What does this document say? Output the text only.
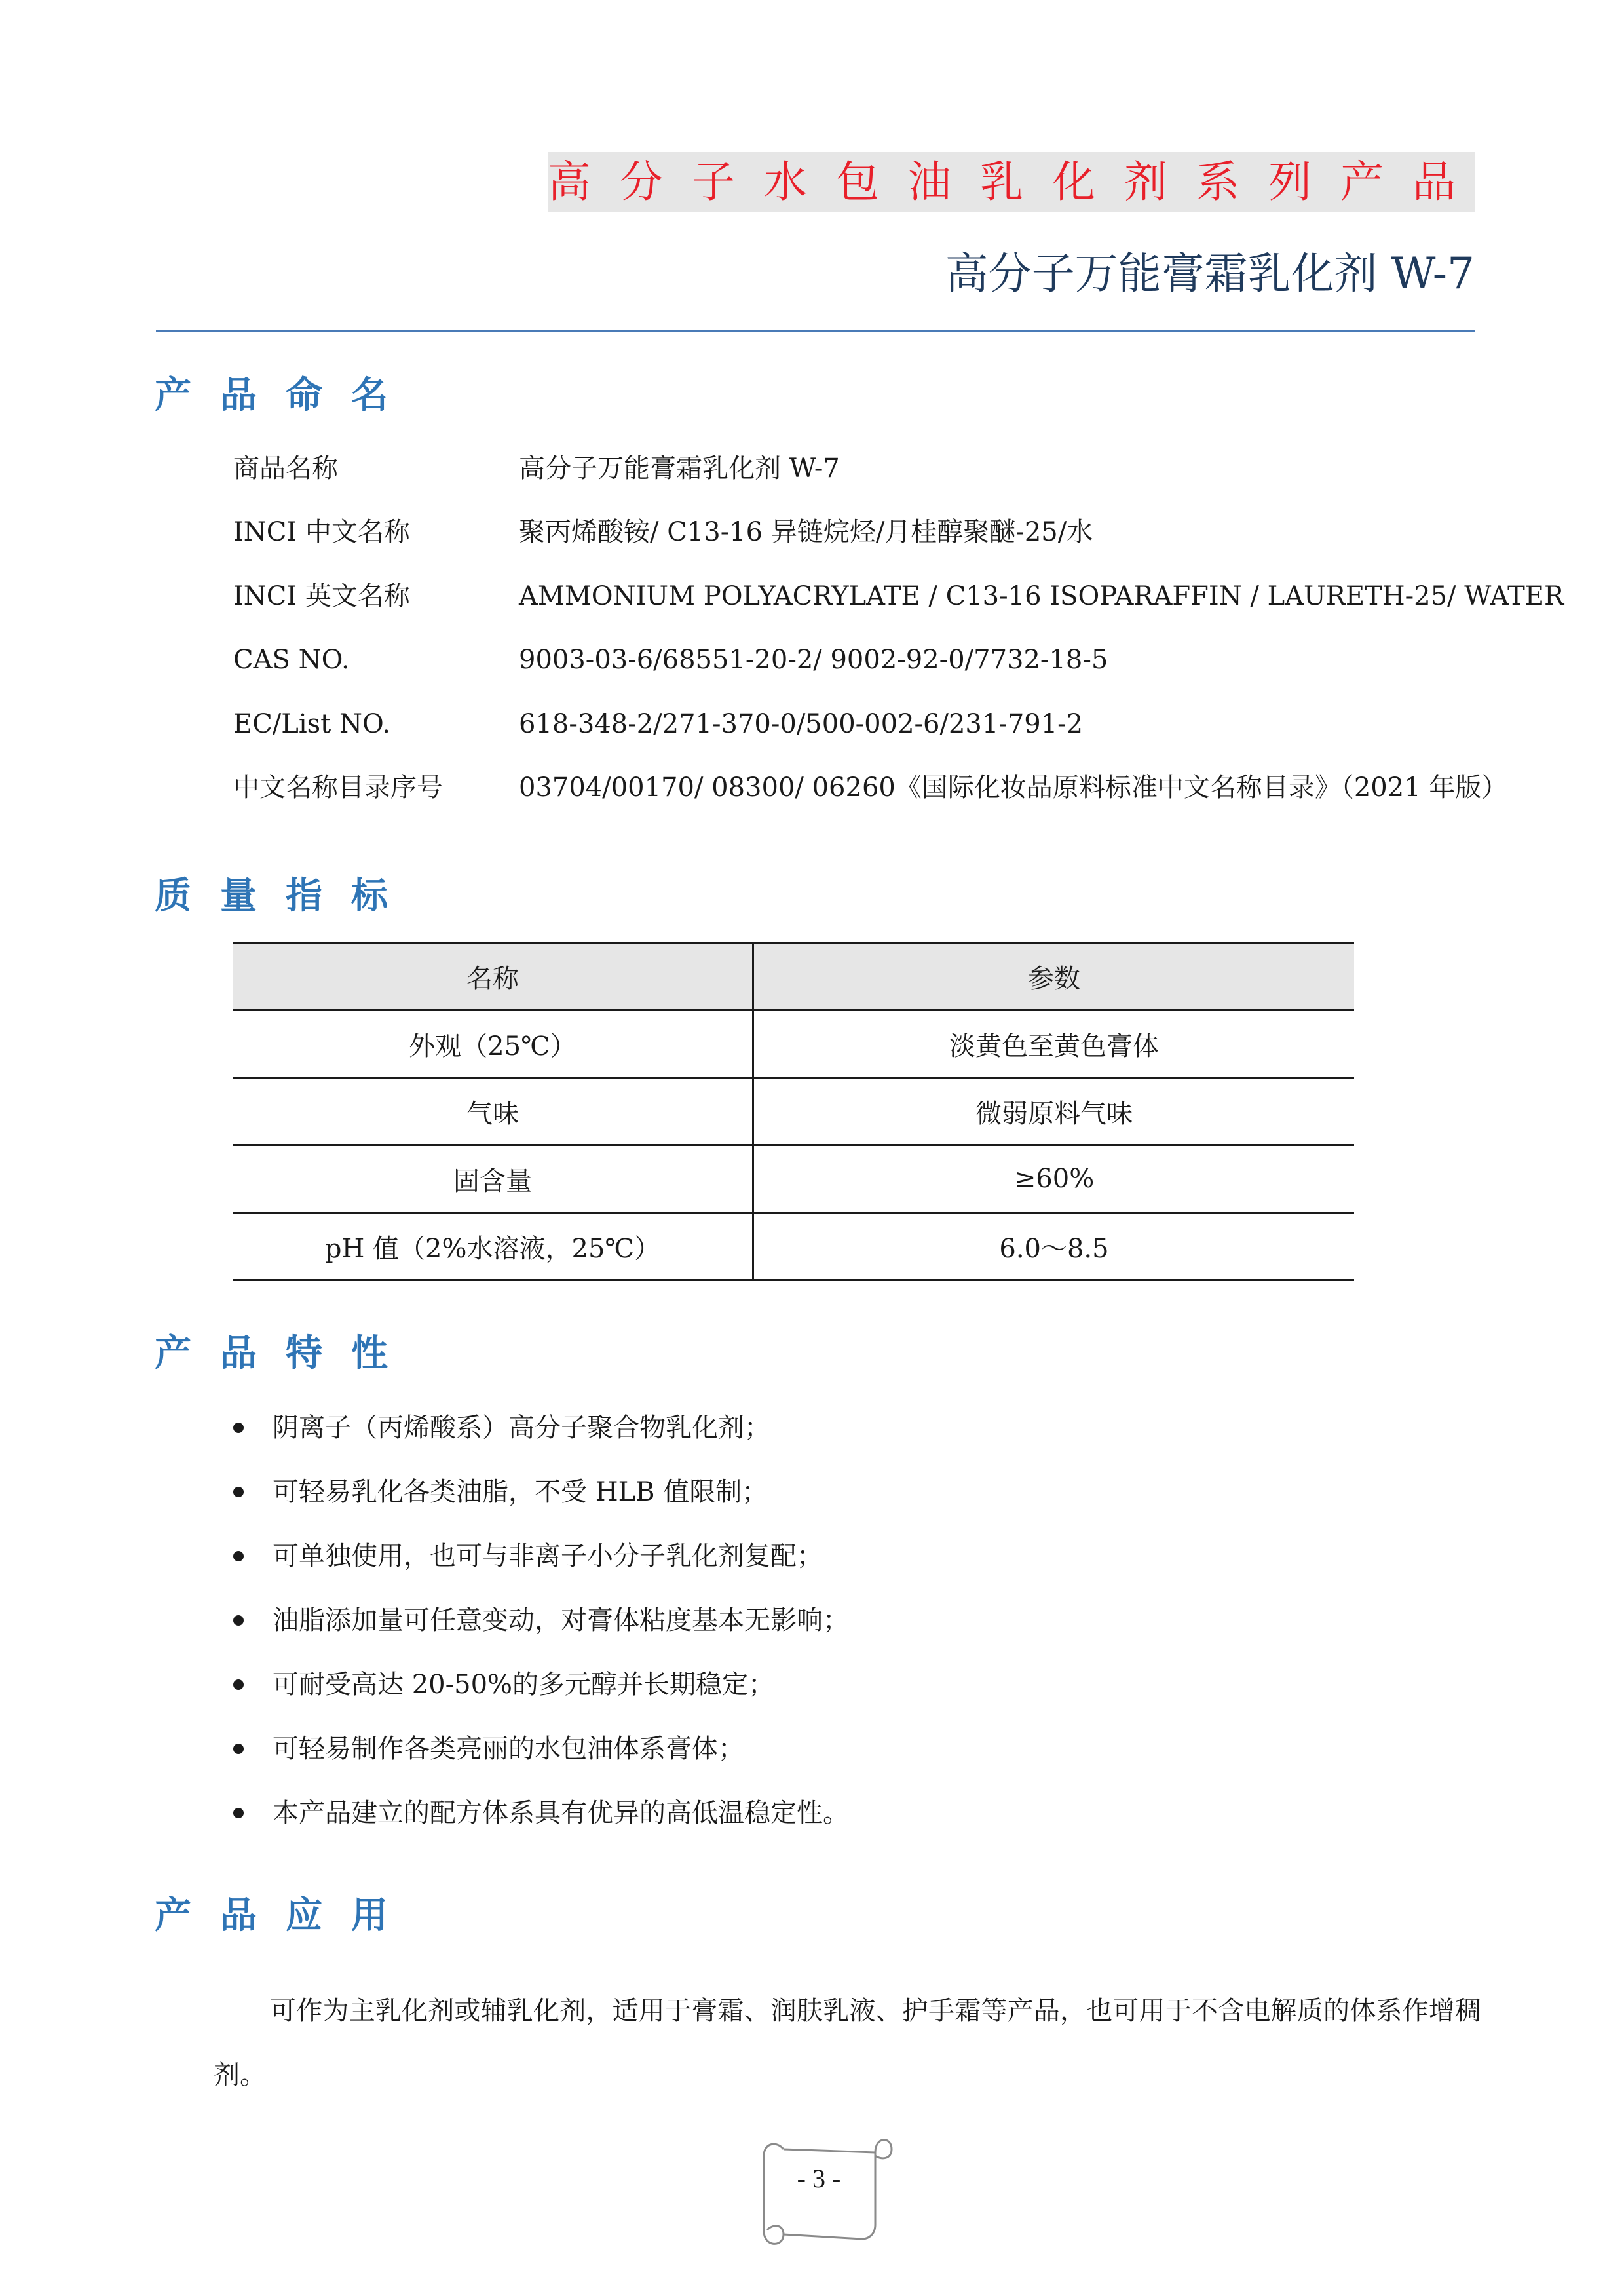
高分子水包油乳化剂系列产品
高分子万能膏霜乳化剂 W-7
产品命名
商品名称	高分子万能膏霜乳化剂 W-7
INCI 中文名称	聚丙烯酸铵/ C13-16 异链烷烃/月桂醇聚醚-25/水
INCI 英文名称	AMMONIUM POLYACRYLATE / C13-16 ISOPARAFFIN / LAURETH-25/ WATER
CAS NO.	9003-03-6/68551-20-2/ 9002-92-0/7732-18-5
EC/List NO.	618-348-2/271-370-0/500-002-6/231-791-2
中文名称目录序号	03704/00170/ 08300/ 06260《国际化妆品原料标准中文名称目录》（2021 年版）
质量指标
名称	参数
外观（25℃）	淡黄色至黄色膏体
气味	微弱原料气味
固含量	≥60%
pH 值（2%水溶液，25℃）	6.0～8.5
产品特性
阴离子（丙烯酸系）高分子聚合物乳化剂；
可轻易乳化各类油脂，不受 HLB 值限制；
可单独使用，也可与非离子小分子乳化剂复配；
油脂添加量可任意变动，对膏体粘度基本无影响；
可耐受高达 20-50%的多元醇并长期稳定；
可轻易制作各类亮丽的水包油体系膏体；
本产品建立的配方体系具有优异的高低温稳定性。
产品应用

可作为主乳化剂或辅乳化剂，适用于膏霜、润肤乳液、护手霜等产品，也可用于不含电解质的体系作增稠剂。

- 3 -
